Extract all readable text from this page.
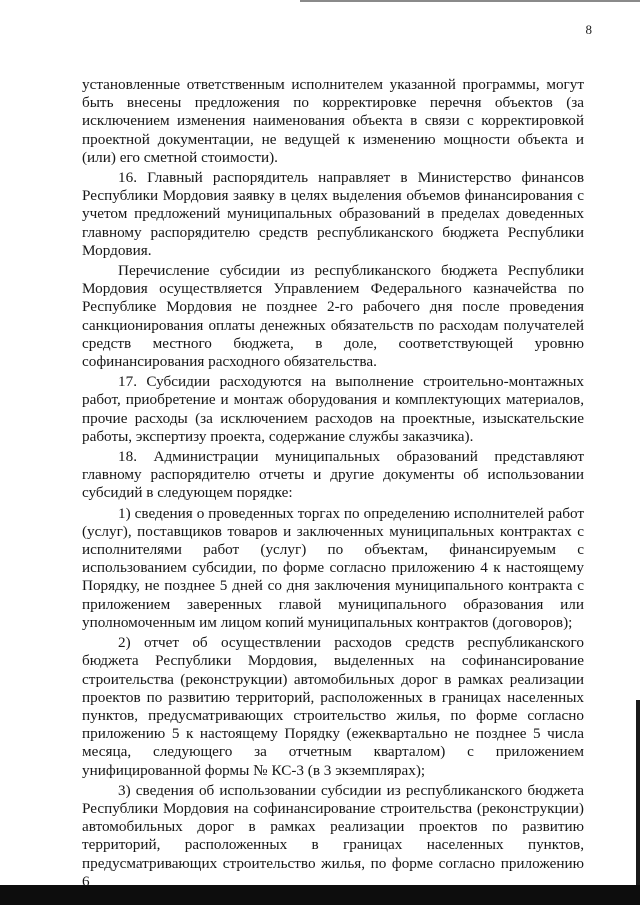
8

установленные ответственным исполнителем указанной программы, могут быть внесены предложения по корректировке перечня объектов (за исключением изменения наименования объекта в связи с корректировкой проектной документации, не ведущей к изменению мощности объекта и (или) его сметной стоимости).

16. Главный распорядитель направляет в Министерство финансов Республики Мордовия заявку в целях выделения объемов финансирования с учетом предложений муниципальных образований в пределах доведенных главному распорядителю средств республиканского бюджета Республики Мордовия.

Перечисление субсидии из республиканского бюджета Республики Мордовия осуществляется Управлением Федерального казначейства по Республике Мордовия не позднее 2-го рабочего дня после проведения санкционирования оплаты денежных обязательств по расходам получателей средств местного бюджета, в доле, соответствующей уровню софинансирования расходного обязательства.

17. Субсидии расходуются на выполнение строительно-монтажных работ, приобретение и монтаж оборудования и комплектующих материалов, прочие расходы (за исключением расходов на проектные, изыскательские работы, экспертизу проекта, содержание службы заказчика).

18. Администрации муниципальных образований представляют главному распорядителю отчеты и другие документы об использовании субсидий в следующем порядке:

1) сведения о проведенных торгах по определению исполнителей работ (услуг), поставщиков товаров и заключенных муниципальных контрактах с исполнителями работ (услуг) по объектам, финансируемым с использованием субсидии, по форме согласно приложению 4 к настоящему Порядку, не позднее 5 дней со дня заключения муниципального контракта с приложением заверенных главой муниципального образования или уполномоченным им лицом копий муниципальных контрактов (договоров);

2) отчет об осуществлении расходов средств республиканского бюджета Республики Мордовия, выделенных на софинансирование строительства (реконструкции) автомобильных дорог в рамках реализации проектов по развитию территорий, расположенных в границах населенных пунктов, предусматривающих строительство жилья, по форме согласно приложению 5 к настоящему Порядку (ежеквартально не позднее 5 числа месяца, следующего за отчетным кварталом) с приложением унифицированной формы № КС-3 (в 3 экземплярах);

3) сведения об использовании субсидии из республиканского бюджета Республики Мордовия на софинансирование строительства (реконструкции) автомобильных дорог в рамках реализации проектов по развитию территорий, расположенных в границах населенных пунктов, предусматривающих строительство жилья, по форме согласно приложению 6
